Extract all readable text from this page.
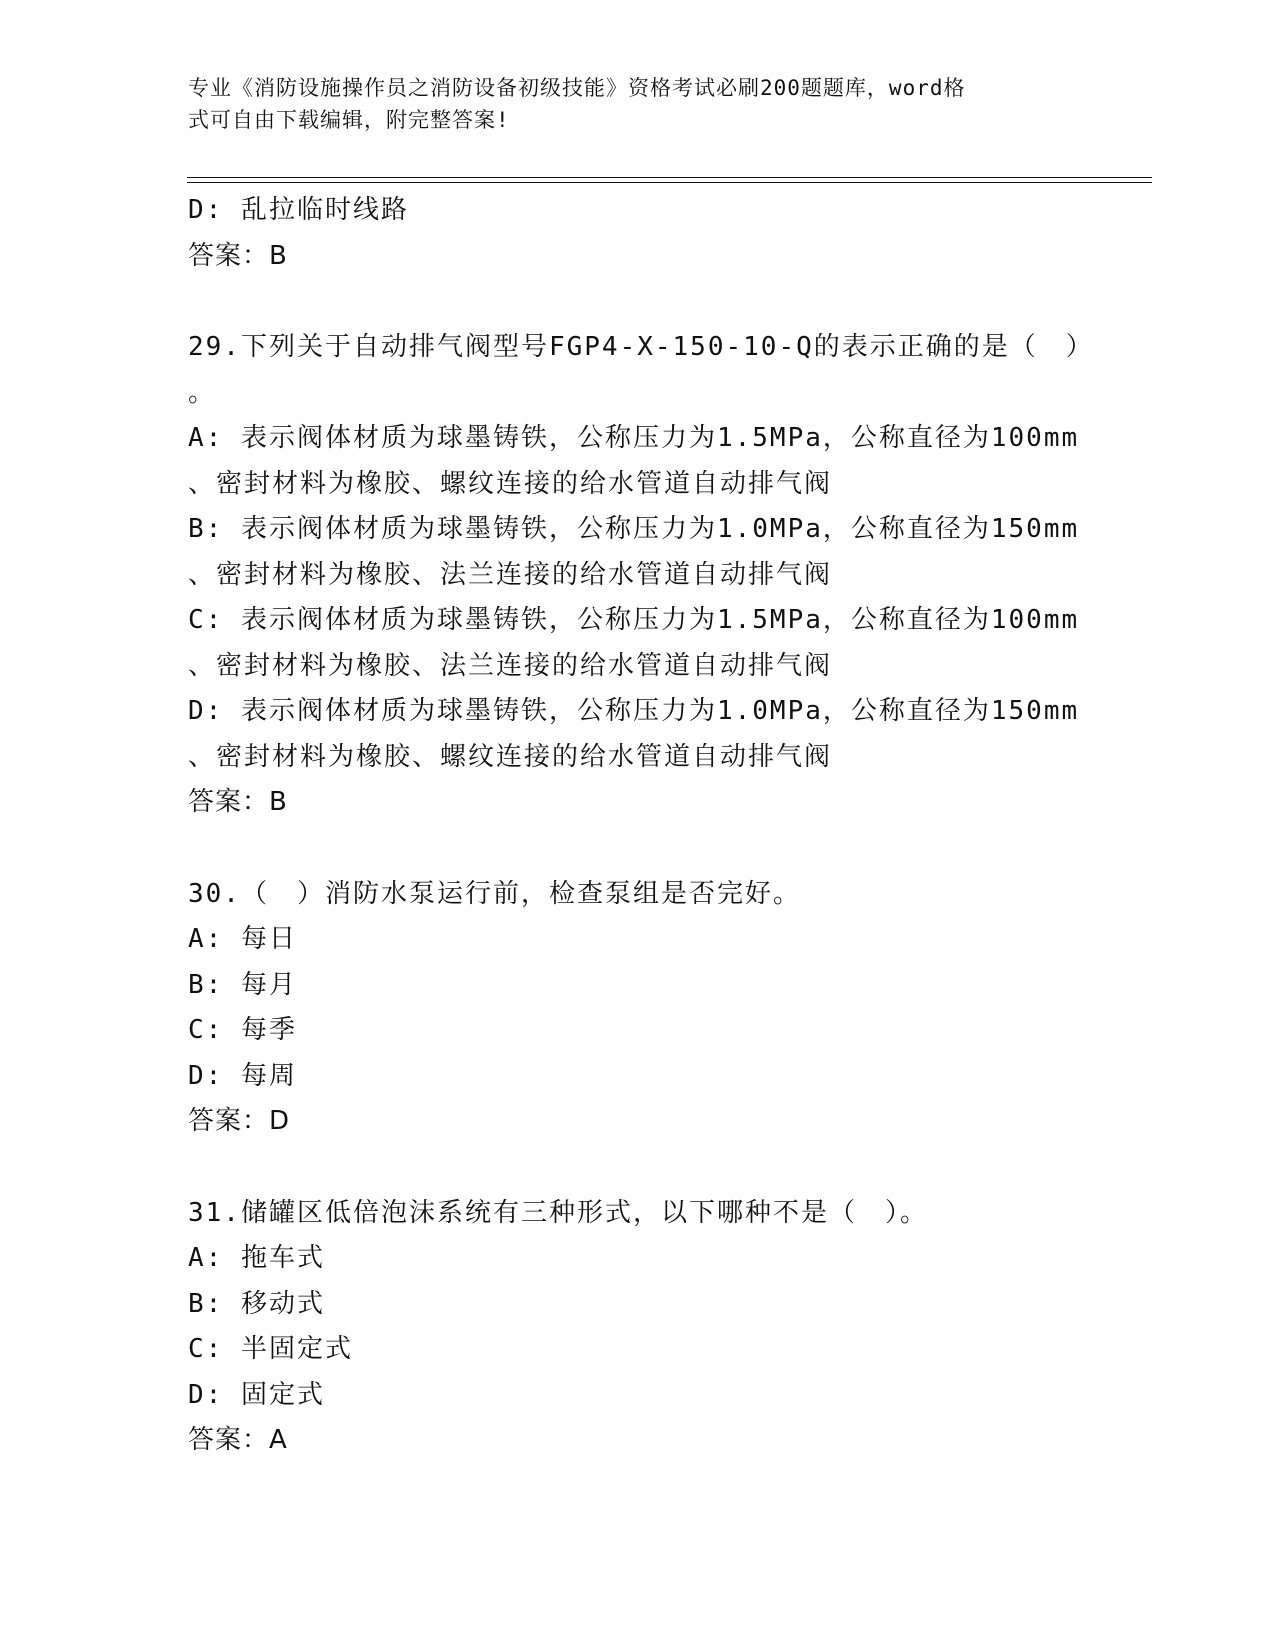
专业《消防设施操作员之消防设备初级技能》资格考试必刷200题题库，word格
式可自由下载编辑，附完整答案!
D: 乱拉临时线路
答案：B
29.下列关于自动排气阀型号FGP4-X-150-10-Q的表示正确的是（　）
。
A: 表示阀体材质为球墨铸铁，公称压力为1.5MPa，公称直径为100mm
、密封材料为橡胶、螺纹连接的给水管道自动排气阀
B: 表示阀体材质为球墨铸铁，公称压力为1.0MPa，公称直径为150mm
、密封材料为橡胶、法兰连接的给水管道自动排气阀
C: 表示阀体材质为球墨铸铁，公称压力为1.5MPa，公称直径为100mm
、密封材料为橡胶、法兰连接的给水管道自动排气阀
D: 表示阀体材质为球墨铸铁，公称压力为1.0MPa，公称直径为150mm
、密封材料为橡胶、螺纹连接的给水管道自动排气阀
答案：B
30.（　）消防水泵运行前，检查泵组是否完好。
A: 每日
B: 每月
C: 每季
D: 每周
答案：D
31.储罐区低倍泡沫系统有三种形式，以下哪种不是（　）。
A: 拖车式
B: 移动式
C: 半固定式
D: 固定式
答案：A
